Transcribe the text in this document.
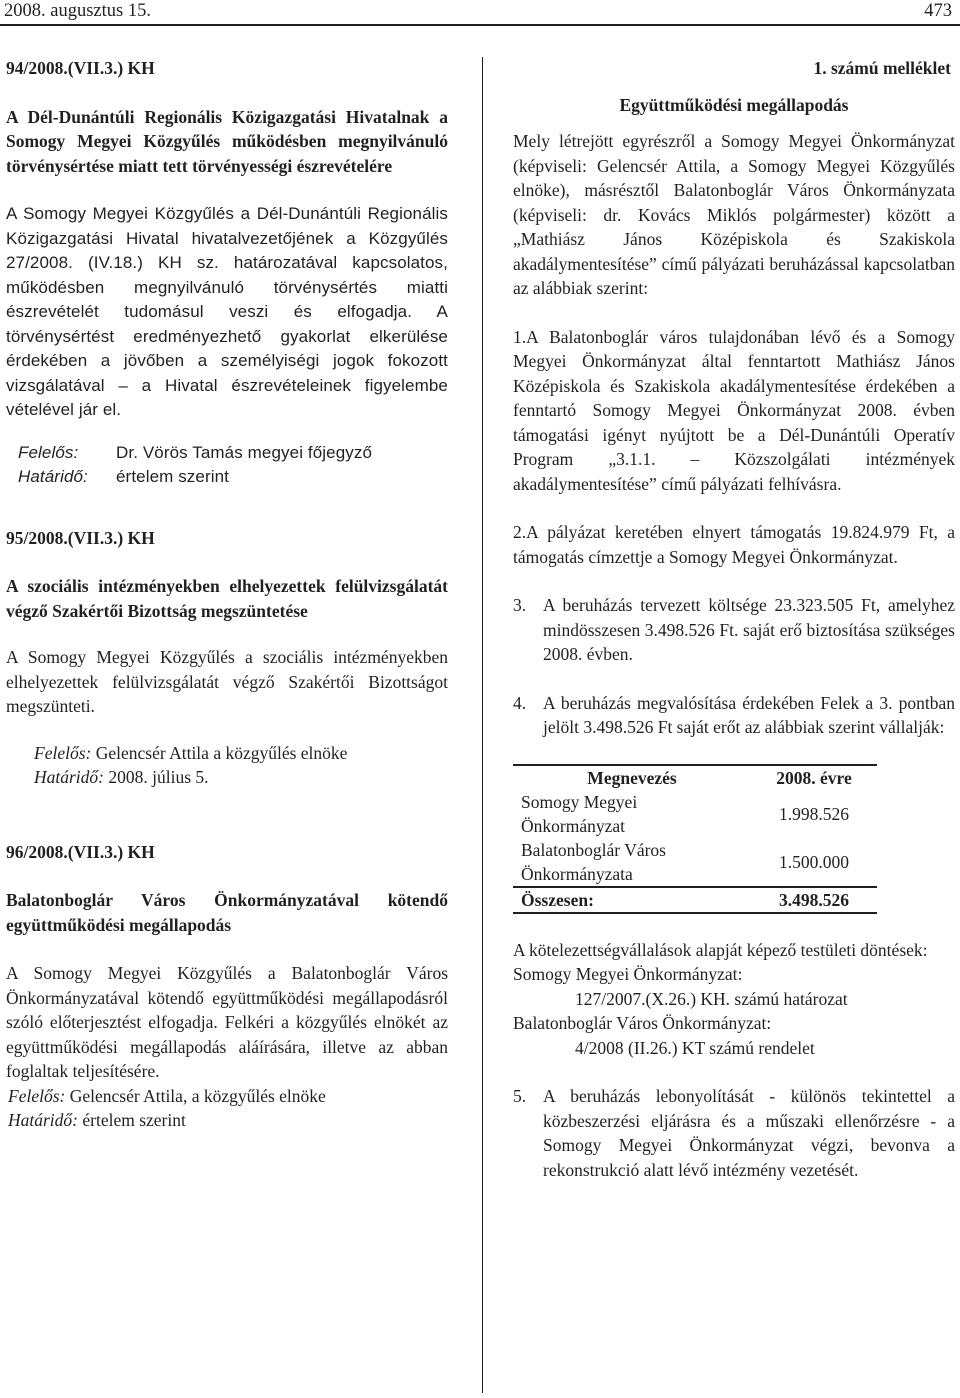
2008. augusztus 15.	473

94/2008.(VII.3.) KH

A Dél-Dunántúli Regionális Közigazgatási Hivatalnak a Somogy Megyei Közgyűlés működésben megnyilvánuló törvénysértése miatt tett törvényességi észrevételére

A Somogy Megyei Közgyűlés a Dél-Dunántúli Regionális Közigazgatási Hivatal hivatalvezetőjének a Közgyűlés 27/2008. (IV.18.) KH sz. határozatával kapcsolatos, működésben megnyilvánuló törvénysértés miatti észrevételét tudomásul veszi és elfogadja. A törvénysértést eredményezhető gyakorlat elkerülése érdekében a jövőben a személyiségi jogok fokozott vizsgálatával – a Hivatal észrevételeinek figyelembe vételével jár el.

Felelős:	Dr. Vörös Tamás megyei főjegyző
Határidő:	értelem szerint

95/2008.(VII.3.) KH

A szociális intézményekben elhelyezettek felülvizsgálatát végző Szakértői Bizottság megszüntetése

A Somogy Megyei Közgyűlés a szociális intézményekben elhelyezettek felülvizsgálatát végző Szakértői Bizottságot megszünteti.

Felelős: Gelencsér Attila a közgyűlés elnöke

Határidő: 2008. július 5.

96/2008.(VII.3.) KH

Balatonboglár Város Önkormányzatával kötendő együttműködési megállapodás

A Somogy Megyei Közgyűlés a Balatonboglár Város Önkormányzatával kötendő együttműködési megállapodásról szóló előterjesztést elfogadja. Felkéri a közgyűlés elnökét az együttműködési megállapodás aláírására, illetve az abban foglaltak teljesítésére.

Felelős: Gelencsér Attila, a közgyűlés elnöke

Határidő: értelem szerint

1. számú melléklet

Együttműködési megállapodás

Mely létrejött egyrészről a Somogy Megyei Önkormányzat (képviseli: Gelencsér Attila, a Somogy Megyei Közgyűlés elnöke), másrésztől Balatonboglár Város Önkormányzata (képviseli: dr. Kovács Miklós polgármester) között a „Mathiász János Középiskola és Szakiskola akadálymentesítése” című pályázati beruházással kapcsolatban az alábbiak szerint:

1.A Balatonboglár város tulajdonában lévő és a Somogy Megyei Önkormányzat által fenntartott Mathiász János Középiskola és Szakiskola akadálymentesítése érdekében a fenntartó Somogy Megyei Önkormányzat 2008. évben támogatási igényt nyújtott be a Dél-Dunántúli Operatív Program „3.1.1. – Közszolgálati intézmények akadálymentesítése” című pályázati felhívásra.

2.A pályázat keretében elnyert támogatás 19.824.979 Ft, a támogatás címzettje a Somogy Megyei Önkormányzat.

3. A beruházás tervezett költsége 23.323.505 Ft, amelyhez mindösszesen 3.498.526 Ft. saját erő biztosítása szükséges 2008. évben.
4. A beruházás megvalósítása érdekében Felek a 3. pontban jelölt 3.498.526 Ft saját erőt az alábbiak szerint vállalják:
Megnevezés	2008. évre
Somogy Megyei Önkormányzat	1.998.526
Balatonboglár Város Önkormányzata	1.500.000
Összesen:	3.498.526

A kötelezettségvállalások alapját képező testületi döntések:

Somogy Megyei Önkormányzat:

127/2007.(X.26.) KH. számú határozat

Balatonboglár Város Önkormányzat:

4/2008 (II.26.) KT számú rendelet

5. A beruházás lebonyolítását - különös tekintettel a közbeszerzési eljárásra és a műszaki ellenőrzésre - a Somogy Megyei Önkormányzat végzi, bevonva a rekonstrukció alatt lévő intézmény vezetését.
